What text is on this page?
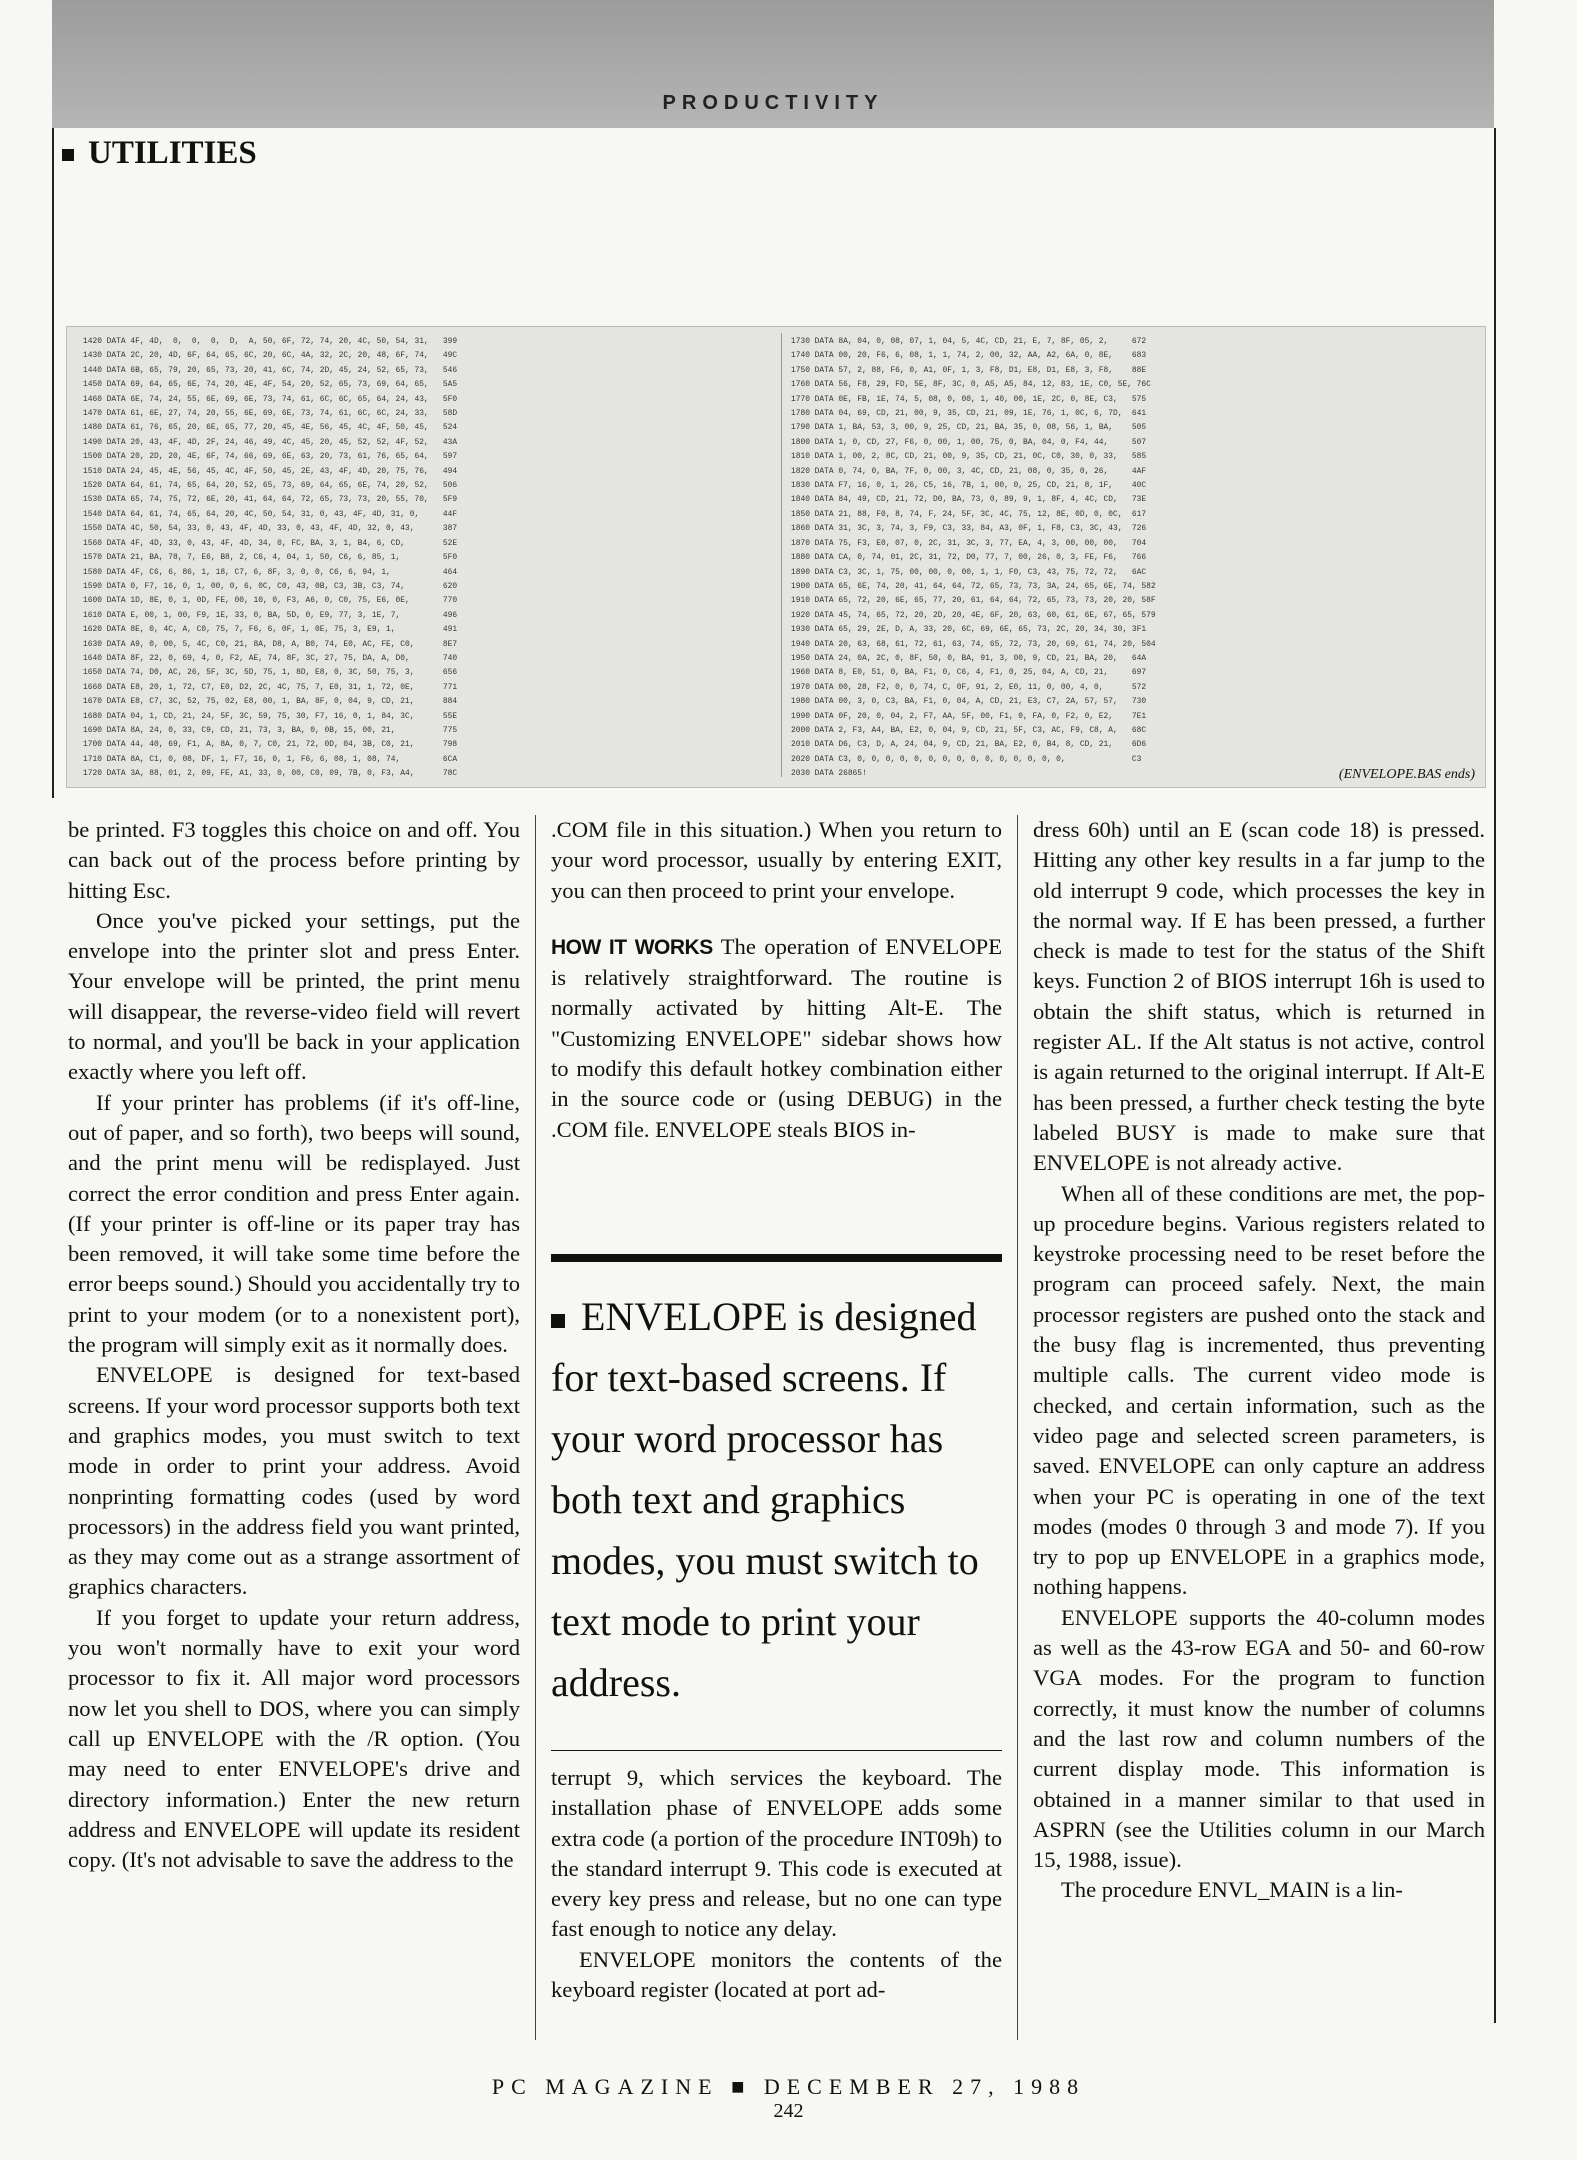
PRODUCTIVITY
UTILITIES
1420 DATA 4F, 4D,  0,  0,  0,  D,  A, 50, 6F, 72, 74, 20, 4C, 50, 54, 31,   399
1430 DATA 2C, 20, 4D, 6F, 64, 65, 6C, 20, 6C, 4A, 32, 2C, 20, 48, 6F, 74,   49C
1440 DATA 6B, 65, 79, 20, 65, 73, 20, 41, 6C, 74, 2D, 45, 24, 52, 65, 73,   546
1450 DATA 69, 64, 65, 6E, 74, 20, 4E, 4F, 54, 20, 52, 65, 73, 69, 64, 65,   5A5
1460 DATA 6E, 74, 24, 55, 6E, 69, 6E, 73, 74, 61, 6C, 6C, 65, 64, 24, 43,   5F0
1470 DATA 61, 6E, 27, 74, 20, 55, 6E, 69, 6E, 73, 74, 61, 6C, 6C, 24, 33,   58D
1480 DATA 61, 76, 65, 20, 6E, 65, 77, 20, 45, 4E, 56, 45, 4C, 4F, 50, 45,   524
1490 DATA 20, 43, 4F, 4D, 2F, 24, 46, 49, 4C, 45, 20, 45, 52, 52, 4F, 52,   43A
1500 DATA 20, 2D, 20, 4E, 6F, 74, 66, 69, 6E, 63, 20, 73, 61, 76, 65, 64,   597
1510 DATA 24, 45, 4E, 56, 45, 4C, 4F, 50, 45, 2E, 43, 4F, 4D, 20, 75, 76,   494
1520 DATA 64, 61, 74, 65, 64, 20, 52, 65, 73, 69, 64, 65, 6E, 74, 20, 52,   506
1530 DATA 65, 74, 75, 72, 6E, 20, 41, 64, 64, 72, 65, 73, 73, 20, 55, 70,   5F9
1540 DATA 64, 61, 74, 65, 64, 20, 4C, 50, 54, 31, 0, 43, 4F, 4D, 31, 0,     44F
1550 DATA 4C, 50, 54, 33, 0, 43, 4F, 4D, 33, 0, 43, 4F, 4D, 32, 0, 43,      387
1560 DATA 4F, 4D, 33, 0, 43, 4F, 4D, 34, 0, FC, BA, 3, 1, B4, 6, CD,        52E
1570 DATA 21, BA, 78, 7, E6, B8, 2, C6, 4, 04, 1, 50, C6, 6, 85, 1,         5F0
1580 DATA 4F, C6, 6, 86, 1, 18, C7, 6, 8F, 3, 0, 0, C6, 6, 94, 1,           464
1590 DATA 0, F7, 16, 0, 1, 00, 0, 6, 0C, C0, 43, 0B, C3, 3B, C3, 74,        620
1600 DATA 1D, 8E, 0, 1, 0D, FE, 00, 10, 0, F3, A6, 0, C0, 75, E6, 0E,       770
1610 DATA E, 00, 1, 00, F9, 1E, 33, 0, BA, 5D, 0, E9, 77, 3, 1E, 7,         496
1620 DATA 8E, 0, 4C, A, C0, 75, 7, F6, 6, 0F, 1, 0E, 75, 3, E9, 1,          491
1630 DATA A9, 0, 00, 5, 4C, C0, 21, 8A, D8, A, B0, 74, E0, AC, FE, C0,      8E7
1640 DATA 8F, 22, 0, 69, 4, 0, F2, AE, 74, 8F, 3C, 27, 75, DA, A, D0,       740
1650 DATA 74, D0, AC, 26, 5F, 3C, 5D, 75, 1, 8D, E8, 0, 3C, 50, 75, 3,      656
1660 DATA E8, 20, 1, 72, C7, E0, D2, 2C, 4C, 75, 7, E0, 31, 1, 72, 0E,      771
1670 DATA E8, C7, 3C, 52, 75, 02, E8, 00, 1, BA, 8F, 0, 04, 9, CD, 21,      884
1680 DATA 04, 1, CD, 21, 24, 5F, 3C, 59, 75, 30, F7, 16, 0, 1, 84, 3C,      55E
1690 DATA 8A, 24, 0, 33, C9, CD, 21, 73, 3, BA, 0, 0B, 15, 00, 21,          775
1700 DATA 44, 40, 69, F1, A, 8A, 0, 7, C0, 21, 72, 0D, 04, 3B, C0, 21,      798
1710 DATA 8A, C1, 0, 08, DF, 1, F7, 16, 0, 1, F6, 6, 08, 1, 08, 74,         6CA
1720 DATA 3A, 88, 01, 2, 09, FE, A1, 33, 0, 00, C0, 09, 7B, 0, F3, A4,      78C
1730 DATA 8A, 04, 0, 08, 07, 1, 04, 5, 4C, CD, 21, E, 7, 8F, 05, 2,     672
1740 DATA 00, 20, F6, 6, 08, 1, 1, 74, 2, 00, 32, AA, A2, 6A, 0, 8E,    683
1750 DATA 57, 2, 88, F6, 0, A1, 0F, 1, 3, F8, D1, E8, D1, E8, 3, F8,    88E
1760 DATA 56, F8, 29, FD, 5E, 8F, 3C, 0, A5, A5, 84, 12, 83, 1E, C0, 5E, 76C
1770 DATA 0E, FB, 1E, 74, 5, 08, 0, 00, 1, 40, 00, 1E, 2C, 0, 8E, C3,   575
1780 DATA 04, 69, CD, 21, 00, 9, 35, CD, 21, 09, 1E, 76, 1, 0C, 6, 7D,  641
1790 DATA 1, BA, 53, 3, 00, 9, 25, CD, 21, BA, 35, 0, 08, 56, 1, BA,    505
1800 DATA 1, 0, CD, 27, F6, 0, 00, 1, 00, 75, 0, BA, 04, 0, F4, 44,     507
1810 DATA 1, 00, 2, 8C, CD, 21, 00, 9, 35, CD, 21, 0C, C0, 30, 0, 33,   585
1820 DATA 0, 74, 0, BA, 7F, 0, 00, 3, 4C, CD, 21, 08, 0, 35, 0, 26,     4AF
1830 DATA F7, 16, 0, 1, 26, C5, 16, 7B, 1, 00, 0, 25, CD, 21, 8, 1F,    40C
1840 DATA 84, 49, CD, 21, 72, D0, BA, 73, 0, 89, 9, 1, 8F, 4, 4C, CD,   73E
1850 DATA 21, 88, F0, 8, 74, F, 24, 5F, 3C, 4C, 75, 12, 8E, 0D, 0, 0C,  617
1860 DATA 31, 3C, 3, 74, 3, F9, C3, 33, 84, A3, 0F, 1, F8, C3, 3C, 43,  726
1870 DATA 75, F3, E0, 07, 0, 2C, 31, 3C, 3, 77, EA, 4, 3, 00, 00, 00,   704
1880 DATA CA, 0, 74, 01, 2C, 31, 72, D0, 77, 7, 00, 26, 0, 3, FE, F6,   766
1890 DATA C3, 3C, 1, 75, 00, 00, 0, 00, 1, 1, F0, C3, 43, 75, 72, 72,   6AC
1900 DATA 65, 6E, 74, 20, 41, 64, 64, 72, 65, 73, 73, 3A, 24, 65, 6E, 74, 582
1910 DATA 65, 72, 20, 6E, 65, 77, 20, 61, 64, 64, 72, 65, 73, 73, 20, 20, 58F
1920 DATA 45, 74, 65, 72, 20, 2D, 20, 4E, 6F, 20, 63, 60, 61, 6E, 67, 65, 579
1930 DATA 65, 29, 2E, D, A, 33, 20, 6C, 69, 6E, 65, 73, 2C, 20, 34, 30, 3F1
1940 DATA 20, 63, 68, 61, 72, 61, 63, 74, 65, 72, 73, 20, 69, 61, 74, 20, 504
1950 DATA 24, 0A, 2C, 0, 8F, 50, 0, BA, 91, 3, 00, 9, CD, 21, BA, 20,   64A
1960 DATA 8, E0, 51, 0, BA, F1, 0, C6, 4, F1, 0, 25, 04, A, CD, 21,     697
1970 DATA 00, 28, F2, 0, 0, 74, C, 0F, 91, 2, E0, 11, 0, 00, 4, 0,      572
1980 DATA 00, 3, 0, C3, BA, F1, 0, 04, A, CD, 21, E3, C7, 2A, 57, 57,   730
1990 DATA 0F, 20, 0, 04, 2, F7, AA, 5F, 00, F1, 0, FA, 0, F2, 0, E2,    7E1
2000 DATA 2, F3, A4, BA, E2, 0, 04, 9, CD, 21, 5F, C3, AC, F9, C8, A,   68C
2010 DATA D6, C3, D, A, 24, 04, 9, CD, 21, BA, E2, 0, B4, 8, CD, 21,    6D6
2020 DATA C3, 0, 0, 0, 0, 0, 0, 0, 0, 0, 0, 0, 0, 0, 0, 0,              C3
2030 DATA 26865!	(ENVELOPE.BAS ends)

be printed. F3 toggles this choice on and off. You can back out of the process before printing by hitting Esc.

Once you've picked your settings, put the envelope into the printer slot and press Enter. Your envelope will be printed, the print menu will disappear, the reverse-video field will revert to normal, and you'll be back in your application exactly where you left off.

If your printer has problems (if it's off-line, out of paper, and so forth), two beeps will sound, and the print menu will be redisplayed. Just correct the error condition and press Enter again. (If your printer is off-line or its paper tray has been removed, it will take some time before the error beeps sound.) Should you accidentally try to print to your modem (or to a nonexistent port), the program will simply exit as it normally does.

ENVELOPE is designed for text-based screens. If your word processor supports both text and graphics modes, you must switch to text mode in order to print your address. Avoid nonprinting formatting codes (used by word processors) in the address field you want printed, as they may come out as a strange assortment of graphics characters.

If you forget to update your return address, you won't normally have to exit your word processor to fix it. All major word processors now let you shell to DOS, where you can simply call up ENVELOPE with the /R option. (You may need to enter ENVELOPE's drive and directory information.) Enter the new return address and ENVELOPE will update its resident copy. (It's not advisable to save the address to the

.COM file in this situation.) When you return to your word processor, usually by entering EXIT, you can then proceed to print your envelope.

HOW IT WORKS The operation of ENVELOPE is relatively straightforward. The routine is normally activated by hitting Alt-E. The "Customizing ENVELOPE" sidebar shows how to modify this default hotkey combination either in the source code or (using DEBUG) in the .COM file. ENVELOPE steals BIOS in-

ENVELOPE is designed for text-based screens. If your word processor has both text and graphics modes, you must switch to text mode to print your address.

terrupt 9, which services the keyboard. The installation phase of ENVELOPE adds some extra code (a portion of the procedure INT09h) to the standard interrupt 9. This code is executed at every key press and release, but no one can type fast enough to notice any delay.

ENVELOPE monitors the contents of the keyboard register (located at port ad-

dress 60h) until an E (scan code 18) is pressed. Hitting any other key results in a far jump to the old interrupt 9 code, which processes the key in the normal way. If E has been pressed, a further check is made to test for the status of the Shift keys. Function 2 of BIOS interrupt 16h is used to obtain the shift status, which is returned in register AL. If the Alt status is not active, control is again returned to the original interrupt. If Alt-E has been pressed, a further check testing the byte labeled BUSY is made to make sure that ENVELOPE is not already active.

When all of these conditions are met, the pop-up procedure begins. Various registers related to keystroke processing need to be reset before the program can proceed safely. Next, the main processor registers are pushed onto the stack and the busy flag is incremented, thus preventing multiple calls. The current video mode is checked, and certain information, such as the video page and selected screen parameters, is saved. ENVELOPE can only capture an address when your PC is operating in one of the text modes (modes 0 through 3 and mode 7). If you try to pop up ENVELOPE in a graphics mode, nothing happens.

ENVELOPE supports the 40-column modes as well as the 43-row EGA and 50- and 60-row VGA modes. For the program to function correctly, it must know the number of columns and the last row and column numbers of the current display mode. This information is obtained in a manner similar to that used in ASPRN (see the Utilities column in our March 15, 1988, issue).

The procedure ENVL_MAIN is a lin-

PC MAGAZINE ■ DECEMBER 27, 1988
242
